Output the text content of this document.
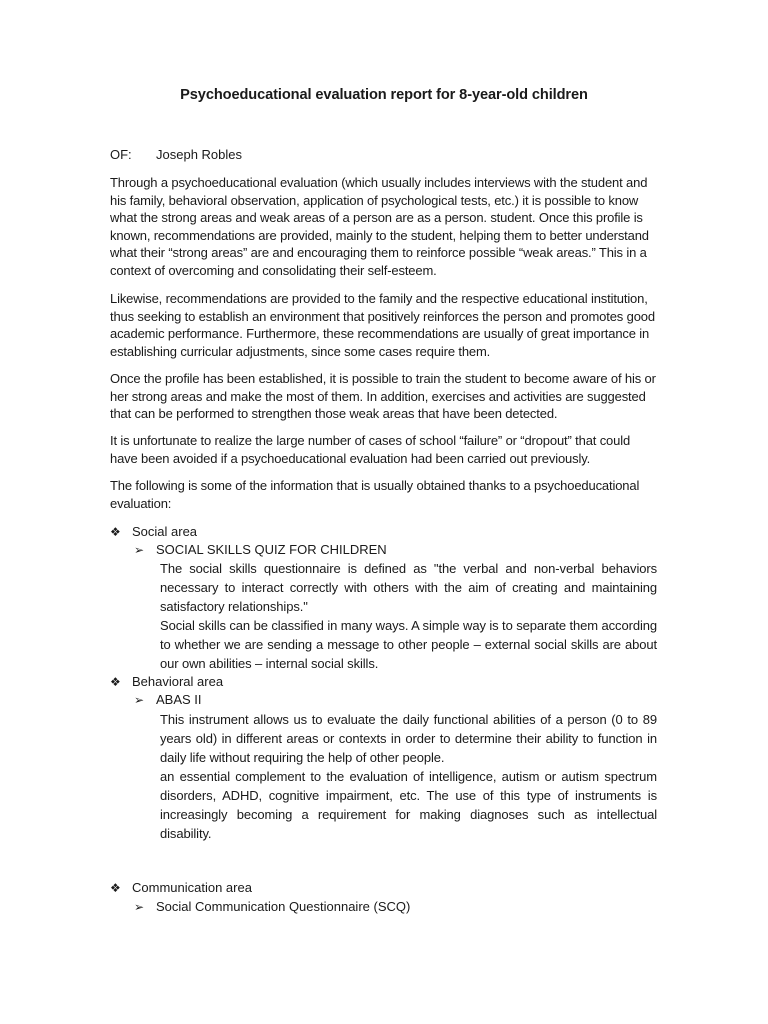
Psychoeducational evaluation report for 8-year-old children
OF: Joseph Robles

Through a psychoeducational evaluation (which usually includes interviews with the student and his family, behavioral observation, application of psychological tests, etc.) it is possible to know what the strong areas and weak areas of a person are as a person. student. Once this profile is known, recommendations are provided, mainly to the student, helping them to better understand what their “strong areas” are and encouraging them to reinforce possible “weak areas.” This in a context of overcoming and consolidating their self-esteem.

Likewise, recommendations are provided to the family and the respective educational institution, thus seeking to establish an environment that positively reinforces the person and promotes good academic performance. Furthermore, these recommendations are usually of great importance in establishing curricular adjustments, since some cases require them.

Once the profile has been established, it is possible to train the student to become aware of his or her strong areas and make the most of them. In addition, exercises and activities are suggested that can be performed to strengthen those weak areas that have been detected.

It is unfortunate to realize the large number of cases of school “failure” or “dropout” that could have been avoided if a psychoeducational evaluation had been carried out previously.

The following is some of the information that is usually obtained thanks to a psychoeducational evaluation:

❖ Social area
➢ SOCIAL SKILLS QUIZ FOR CHILDREN

The social skills questionnaire is defined as "the verbal and non-verbal behaviors necessary to interact correctly with others with the aim of creating and maintaining satisfactory relationships."

Social skills can be classified in many ways. A simple way is to separate them according to whether we are sending a message to other people – external social skills are about our own abilities – internal social skills.

❖ Behavioral area
➢ ABAS II

This instrument allows us to evaluate the daily functional abilities of a person (0 to 89 years old) in different areas or contexts in order to determine their ability to function in daily life without requiring the help of other people.

an essential complement to the evaluation of intelligence, autism or autism spectrum disorders, ADHD, cognitive impairment, etc. The use of this type of instruments is increasingly becoming a requirement for making diagnoses such as intellectual disability.

❖ Communication area
➢ Social Communication Questionnaire (SCQ)
